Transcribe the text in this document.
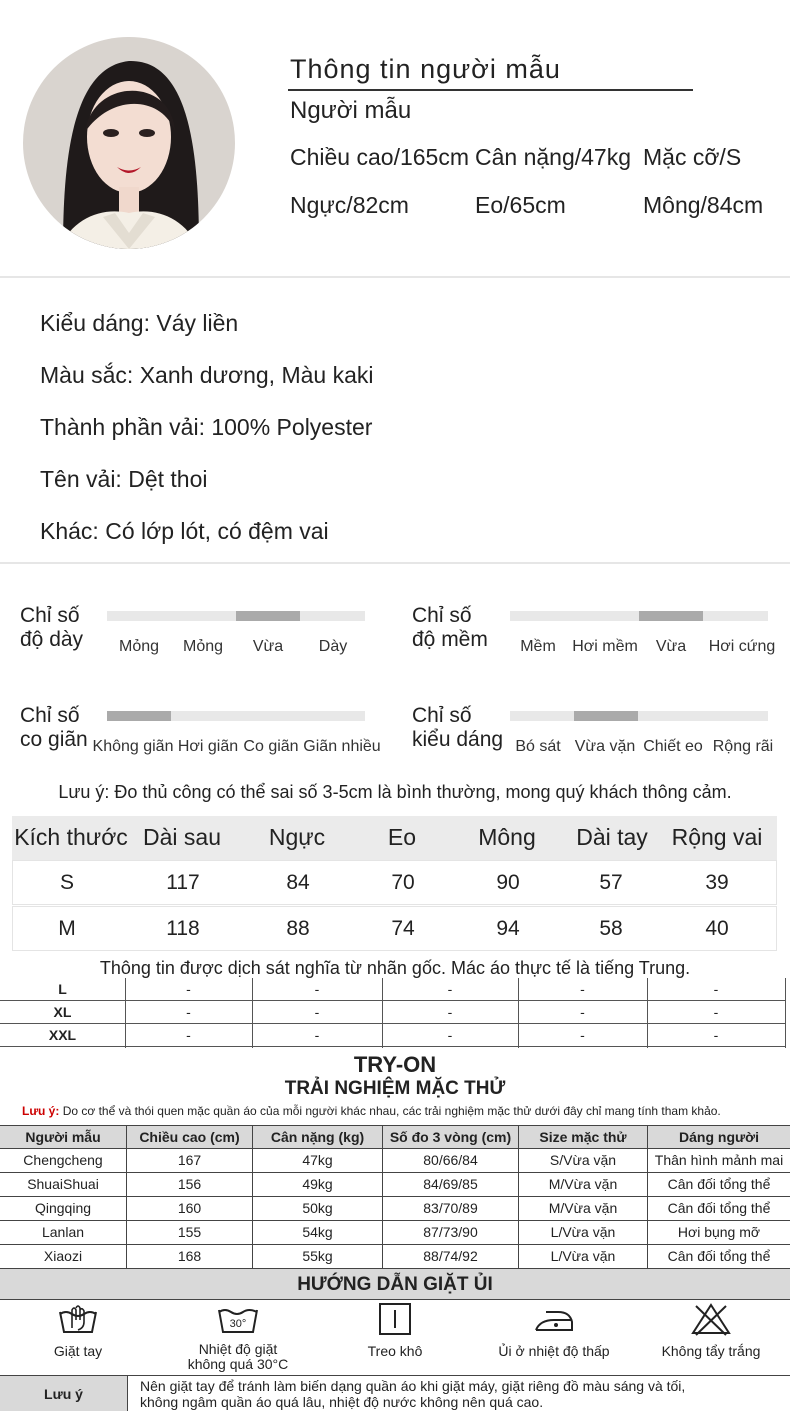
Thông tin người mẫu
Người mẫu
Chiều cao/165cm Cân nặng/47kg Mặc cỡ/S
Ngực/82cm	Eo/65cm	Mông/84cm
Kiểu dáng: Váy liền
Màu sắc: Xanh dương, Màu kaki
Thành phần vải: 100% Polyester
Tên vải: Dệt thoi
Khác: Có lớp lót, có đệm vai
Chỉ số
độ dày	Mỏng	Mỏng	Vừa	Dày
Chỉ số
độ mềm	Mềm	Hơi mềm	Vừa	Hơi cứng
Chỉ số
co giãn Không giãn Hơi giãn Co giãn Giãn nhiều
Chỉ số
kiểu dáng Bó sát Vừa vặn Chiết eo Rộng rãi
Lưu ý: Đo thủ công có thể sai số 3-5cm là bình thường, mong quý khách thông cảm.
Kích thước Dài sau	Ngực	Eo	Mông	Dài tay	Rộng vai
S	117	84	70	90	57	39
M	118	88	74	94	58	40
Thông tin được dịch sát nghĩa từ nhãn gốc. Mác áo thực tế là tiếng Trung.
L	-	-	-	-	-
XL	-	-	-	-	-
XXL	-	-	-	-	-
TRY-ON
TRẢI NGHIỆM MẶC THỬ
Lưu ý: Do cơ thể và thói quen mặc quần áo của mỗi người khác nhau, các trải nghiệm mặc thử dưới đây chỉ mang tính tham khảo.
Người mẫu	Chiều cao (cm)	Cân nặng (kg)	Số đo 3 vòng (cm)	Size mặc thử	Dáng người
Chengcheng	167	47kg	80/66/84	S/Vừa vặn	Thân hình mảnh mai
ShuaiShuai	156	49kg	84/69/85	M/Vừa vặn	Cân đối tổng thể
Qingqing	160	50kg	83/70/89	M/Vừa vặn	Cân đối tổng thể
Lanlan	155	54kg	87/73/90	L/Vừa vặn	Hơi bụng mỡ
Xiaozi	168	55kg	88/74/92	L/Vừa vặn	Cân đối tổng thể
HƯỚNG DẪN GIẶT ỦI
Giặt tay
30°
Nhiệt độ giặt
không quá 30°C
Treo khô	Ủi ở nhiệt độ thấp	Không tẩy trắng
Lưu ý	Nên giặt tay để tránh làm biến dạng quần áo khi giặt máy, giặt riêng đồ màu sáng và tối,
không ngâm quần áo quá lâu, nhiệt độ nước không nên quá cao.
